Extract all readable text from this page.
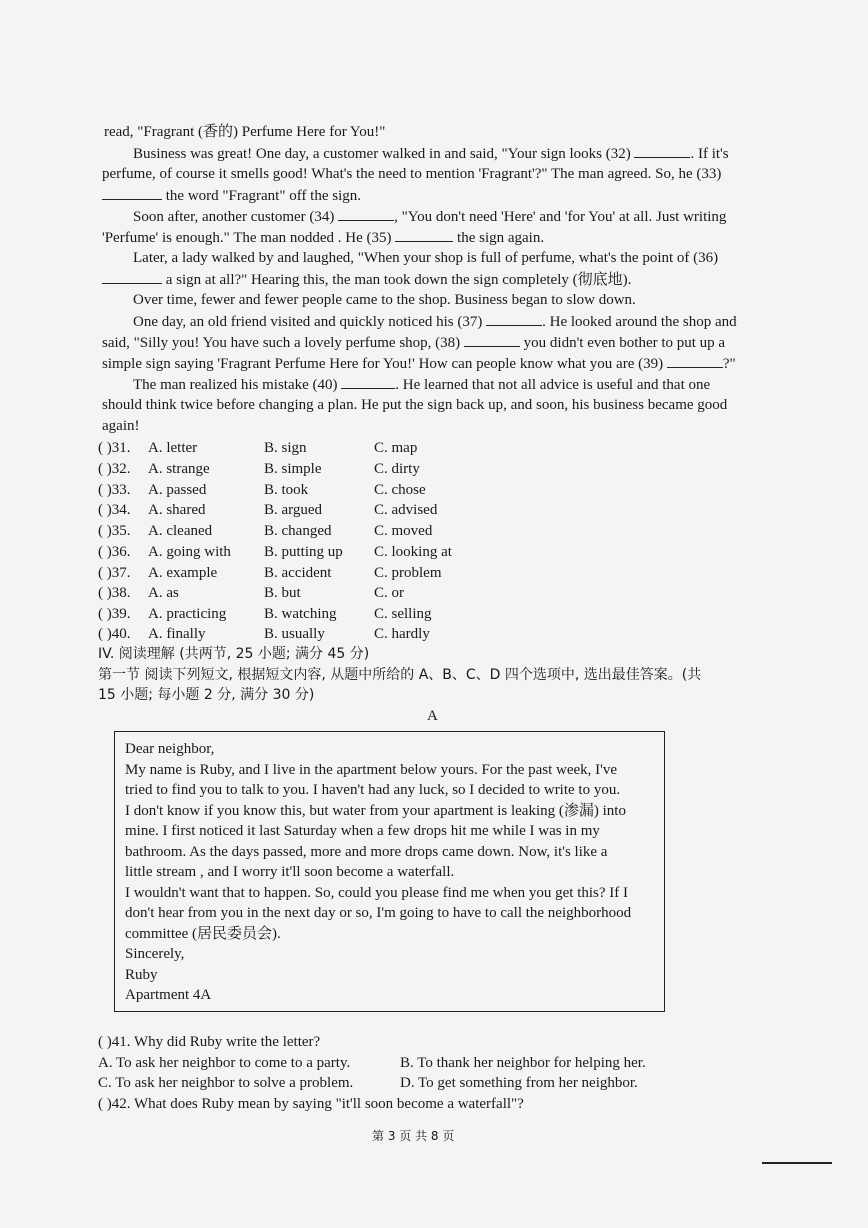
read, "Fragrant (香的) Perfume Here for You!"
Business was great! One day, a customer walked in and said, "Your sign looks (32)	. If it's
perfume, of course it smells good! What's the need to mention 'Fragrant'?" The man agreed. So, he (33)
the word "Fragrant" off the sign.
Soon after, another customer (34)	, "You don't need 'Here' and 'for You' at all. Just writing
'Perfume' is enough." The man nodded . He (35)	the sign again.
Later, a lady walked by and laughed, "When your shop is full of perfume, what's the point of (36)
a sign at all?" Hearing this, the man took down the sign completely (彻底地).
Over time, fewer and fewer people came to the shop. Business began to slow down.
One day, an old friend visited and quickly noticed his (37)	. He looked around the shop and
said, "Silly you! You have such a lovely perfume shop, (38)	you didn't even bother to put up a
simple sign saying 'Fragrant Perfume Here for You!' How can people know what you are (39)	?"
The man realized his mistake (40)	. He learned that not all advice is useful and that one
should think twice before changing a plan. He put the sign back up, and soon, his business became good
again!
( )31. A. letter	B. sign	C. map
( )32. A. strange	B. simple	C. dirty
( )33. A. passed	B. took	C. chose
( )34. A. shared	B. argued	C. advised
( )35. A. cleaned	B. changed	C. moved
( )36. A. going with B. putting up C. looking at
( )37. A. example	B. accident	C. problem
( )38. A. as	B. but	C. or
( )39. A. practicing	B. watching	C. selling
( )40. A. finally	B. usually	C. hardly
IV. 阅读理解 (共两节, 25 小题; 满分 45 分)
第一节 阅读下列短文, 根据短文内容, 从题中所给的 A、B、C、D 四个选项中, 选出最佳答案。(共
15 小题; 每小题 2 分, 满分 30 分)
A
Dear neighbor,
My name is Ruby, and I live in the apartment below yours. For the past week, I've
tried to find you to talk to you. I haven't had any luck, so I decided to write to you.
I don't know if you know this, but water from your apartment is leaking (渗漏) into
mine. I first noticed it last Saturday when a few drops hit me while I was in my
bathroom. As the days passed, more and more drops came down. Now, it's like a
little stream , and I worry it'll soon become a waterfall.
I wouldn't want that to happen. So, could you please find me when you get this? If I
don't hear from you in the next day or so, I'm going to have to call the neighborhood
committee (居民委员会).
Sincerely,
Ruby
Apartment 4A
( )41. Why did Ruby write the letter?
A. To ask her neighbor to come to a party.	B. To thank her neighbor for helping her.
C. To ask her neighbor to solve a problem.	D. To get something from her neighbor.
( )42. What does Ruby mean by saying "it'll soon become a waterfall"?
第 3 页 共 8 页
